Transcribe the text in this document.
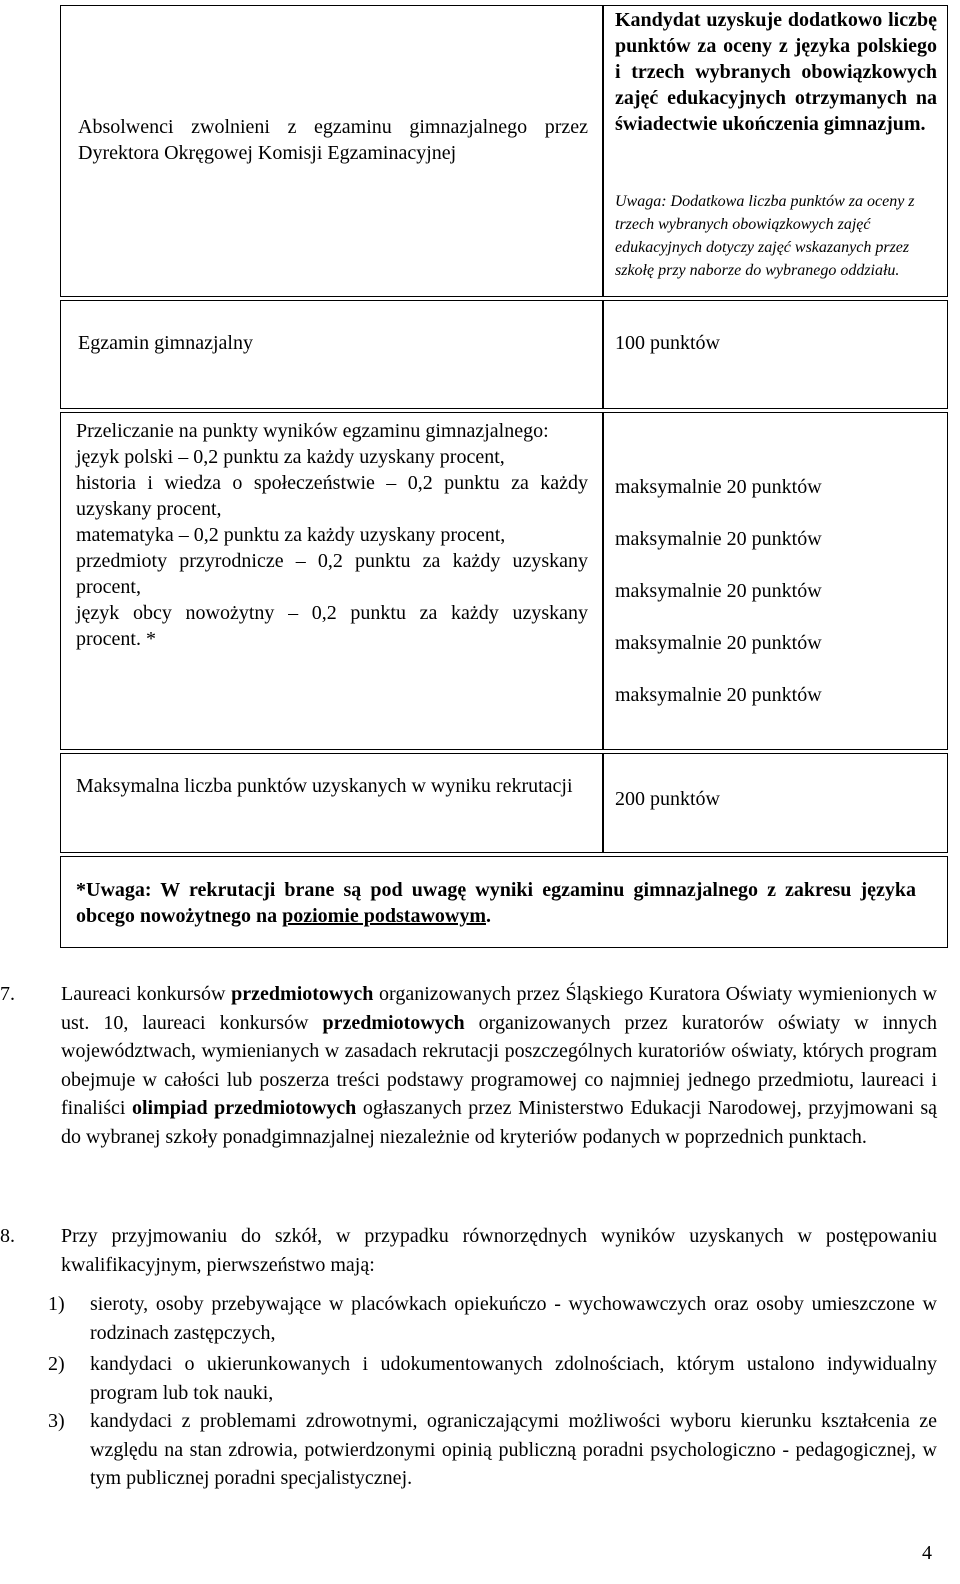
Absolwenci zwolnieni z egzaminu gimnazjalnego przez Dyrektora Okręgowej Komisji Egzaminacyjnej
Kandydat uzyskuje dodatkowo liczbę punktów za oceny z języka polskiego i trzech wybranych obowiązkowych zajęć edukacyjnych otrzymanych na świadectwie ukończenia gimnazjum.
Uwaga: Dodatkowa liczba punktów za oceny z trzech wybranych obowiązkowych zajęć edukacyjnych dotyczy zajęć wskazanych przez szkołę przy naborze do wybranego oddziału.
Egzamin gimnazjalny	100 punktów
Przeliczanie na punkty wyników egzaminu gimnazjalnego:
język polski – 0,2 punktu za każdy uzyskany procent,
historia i wiedza o społeczeństwie – 0,2 punktu za każdy uzyskany procent,
matematyka – 0,2 punktu za każdy uzyskany procent,
przedmioty przyrodnicze – 0,2 punktu za każdy uzyskany procent,
język obcy nowożytny – 0,2 punktu za każdy uzyskany procent. *
maksymalnie 20 punktów
maksymalnie 20 punktów
maksymalnie 20 punktów
maksymalnie 20 punktów
maksymalnie 20 punktów
Maksymalna liczba punktów uzyskanych w wyniku rekrutacji
200 punktów
*Uwaga: W rekrutacji brane są pod uwagę wyniki egzaminu gimnazjalnego z zakresu języka obcego nowożytnego na poziomie podstawowym.
7. Laureaci konkursów przedmiotowych organizowanych przez Śląskiego Kuratora Oświaty wymienionych w ust. 10, laureaci konkursów przedmiotowych organizowanych przez kuratorów oświaty w innych województwach, wymienianych w zasadach rekrutacji poszczególnych kuratoriów oświaty, których program obejmuje w całości lub poszerza treści podstawy programowej co najmniej jednego przedmiotu, laureaci i finaliści olimpiad przedmiotowych ogłaszanych przez Ministerstwo Edukacji Narodowej, przyjmowani są do wybranej szkoły ponadgimnazjalnej niezależnie od kryteriów podanych w poprzednich punktach.
8. Przy przyjmowaniu do szkół, w przypadku równorzędnych wyników uzyskanych w postępowaniu kwalifikacyjnym, pierwszeństwo mają:
1) sieroty, osoby przebywające w placówkach opiekuńczo - wychowawczych oraz osoby umieszczone w rodzinach zastępczych,
2) kandydaci o ukierunkowanych i udokumentowanych zdolnościach, którym ustalono indywidualny program lub tok nauki,
3) kandydaci z problemami zdrowotnymi, ograniczającymi możliwości wyboru kierunku kształcenia ze względu na stan zdrowia, potwierdzonymi opinią publiczną poradni psychologiczno - pedagogicznej, w tym publicznej poradni specjalistycznej.
4
